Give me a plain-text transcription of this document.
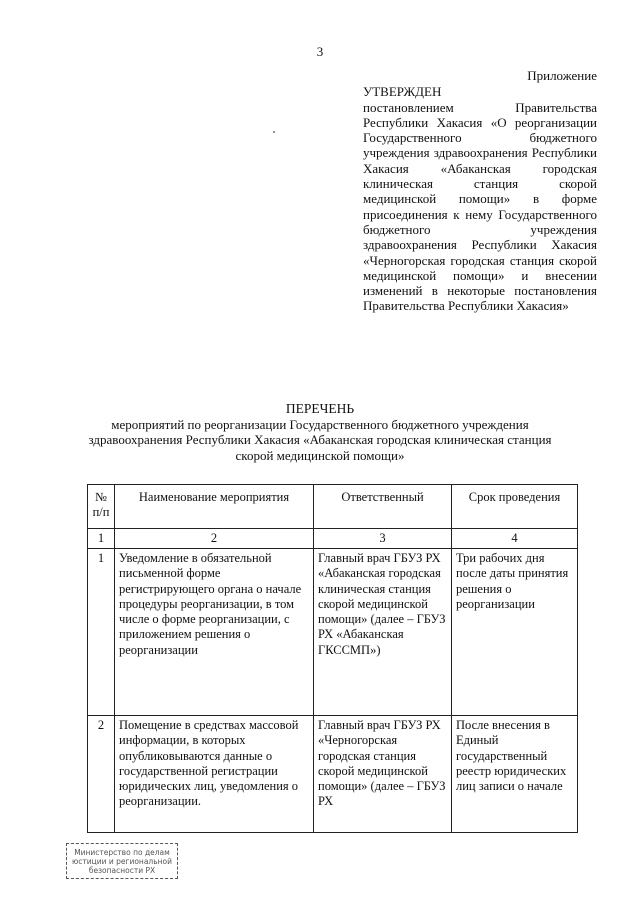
3
Приложение
УТВЕРЖДЕН
постановлением Правительства Республики Хакасия «О реорганизации Государственного бюджетного учреждения здравоохранения Республики Хакасия «Абаканская городская клиническая станция скорой медицинской помощи» в форме присоединения к нему Государственного бюджетного учреждения здравоохранения Республики Хакасия «Черногорская городская станция скорой медицинской помощи» и внесении изменений в некоторые постановления Правительства Республики Хакасия»
ПЕРЕЧЕНЬ
мероприятий по реорганизации Государственного бюджетного учреждения
здравоохранения Республики Хакасия «Абаканская городская клиническая станция
скорой медицинской помощи»
№ п/п	Наименование мероприятия	Ответственный	Срок проведения
1	2	3	4
1	Уведомление в обязательной письменной форме регистрирующего органа о начале процедуры реорганизации, в том числе о форме реорганизации, с приложением решения о реорганизации	Главный врач ГБУЗ РХ «Абаканская городская клиническая станция скорой медицинской помощи» (далее – ГБУЗ РХ «Абаканская ГКССМП»)	Три рабочих дня после даты принятия решения о реорганизации
2	Помещение в средствах массовой информации, в которых опубликовываются данные о государственной регистрации юридических лиц, уведомления о реорганизации.	Главный врач ГБУЗ РХ «Черногорская городская станция скорой медицинской помощи» (далее – ГБУЗ РХ	После внесения в Единый государственный реестр юридических лиц записи о начале
Министерство по делам
юстиции и региональной
безопасности РХ
